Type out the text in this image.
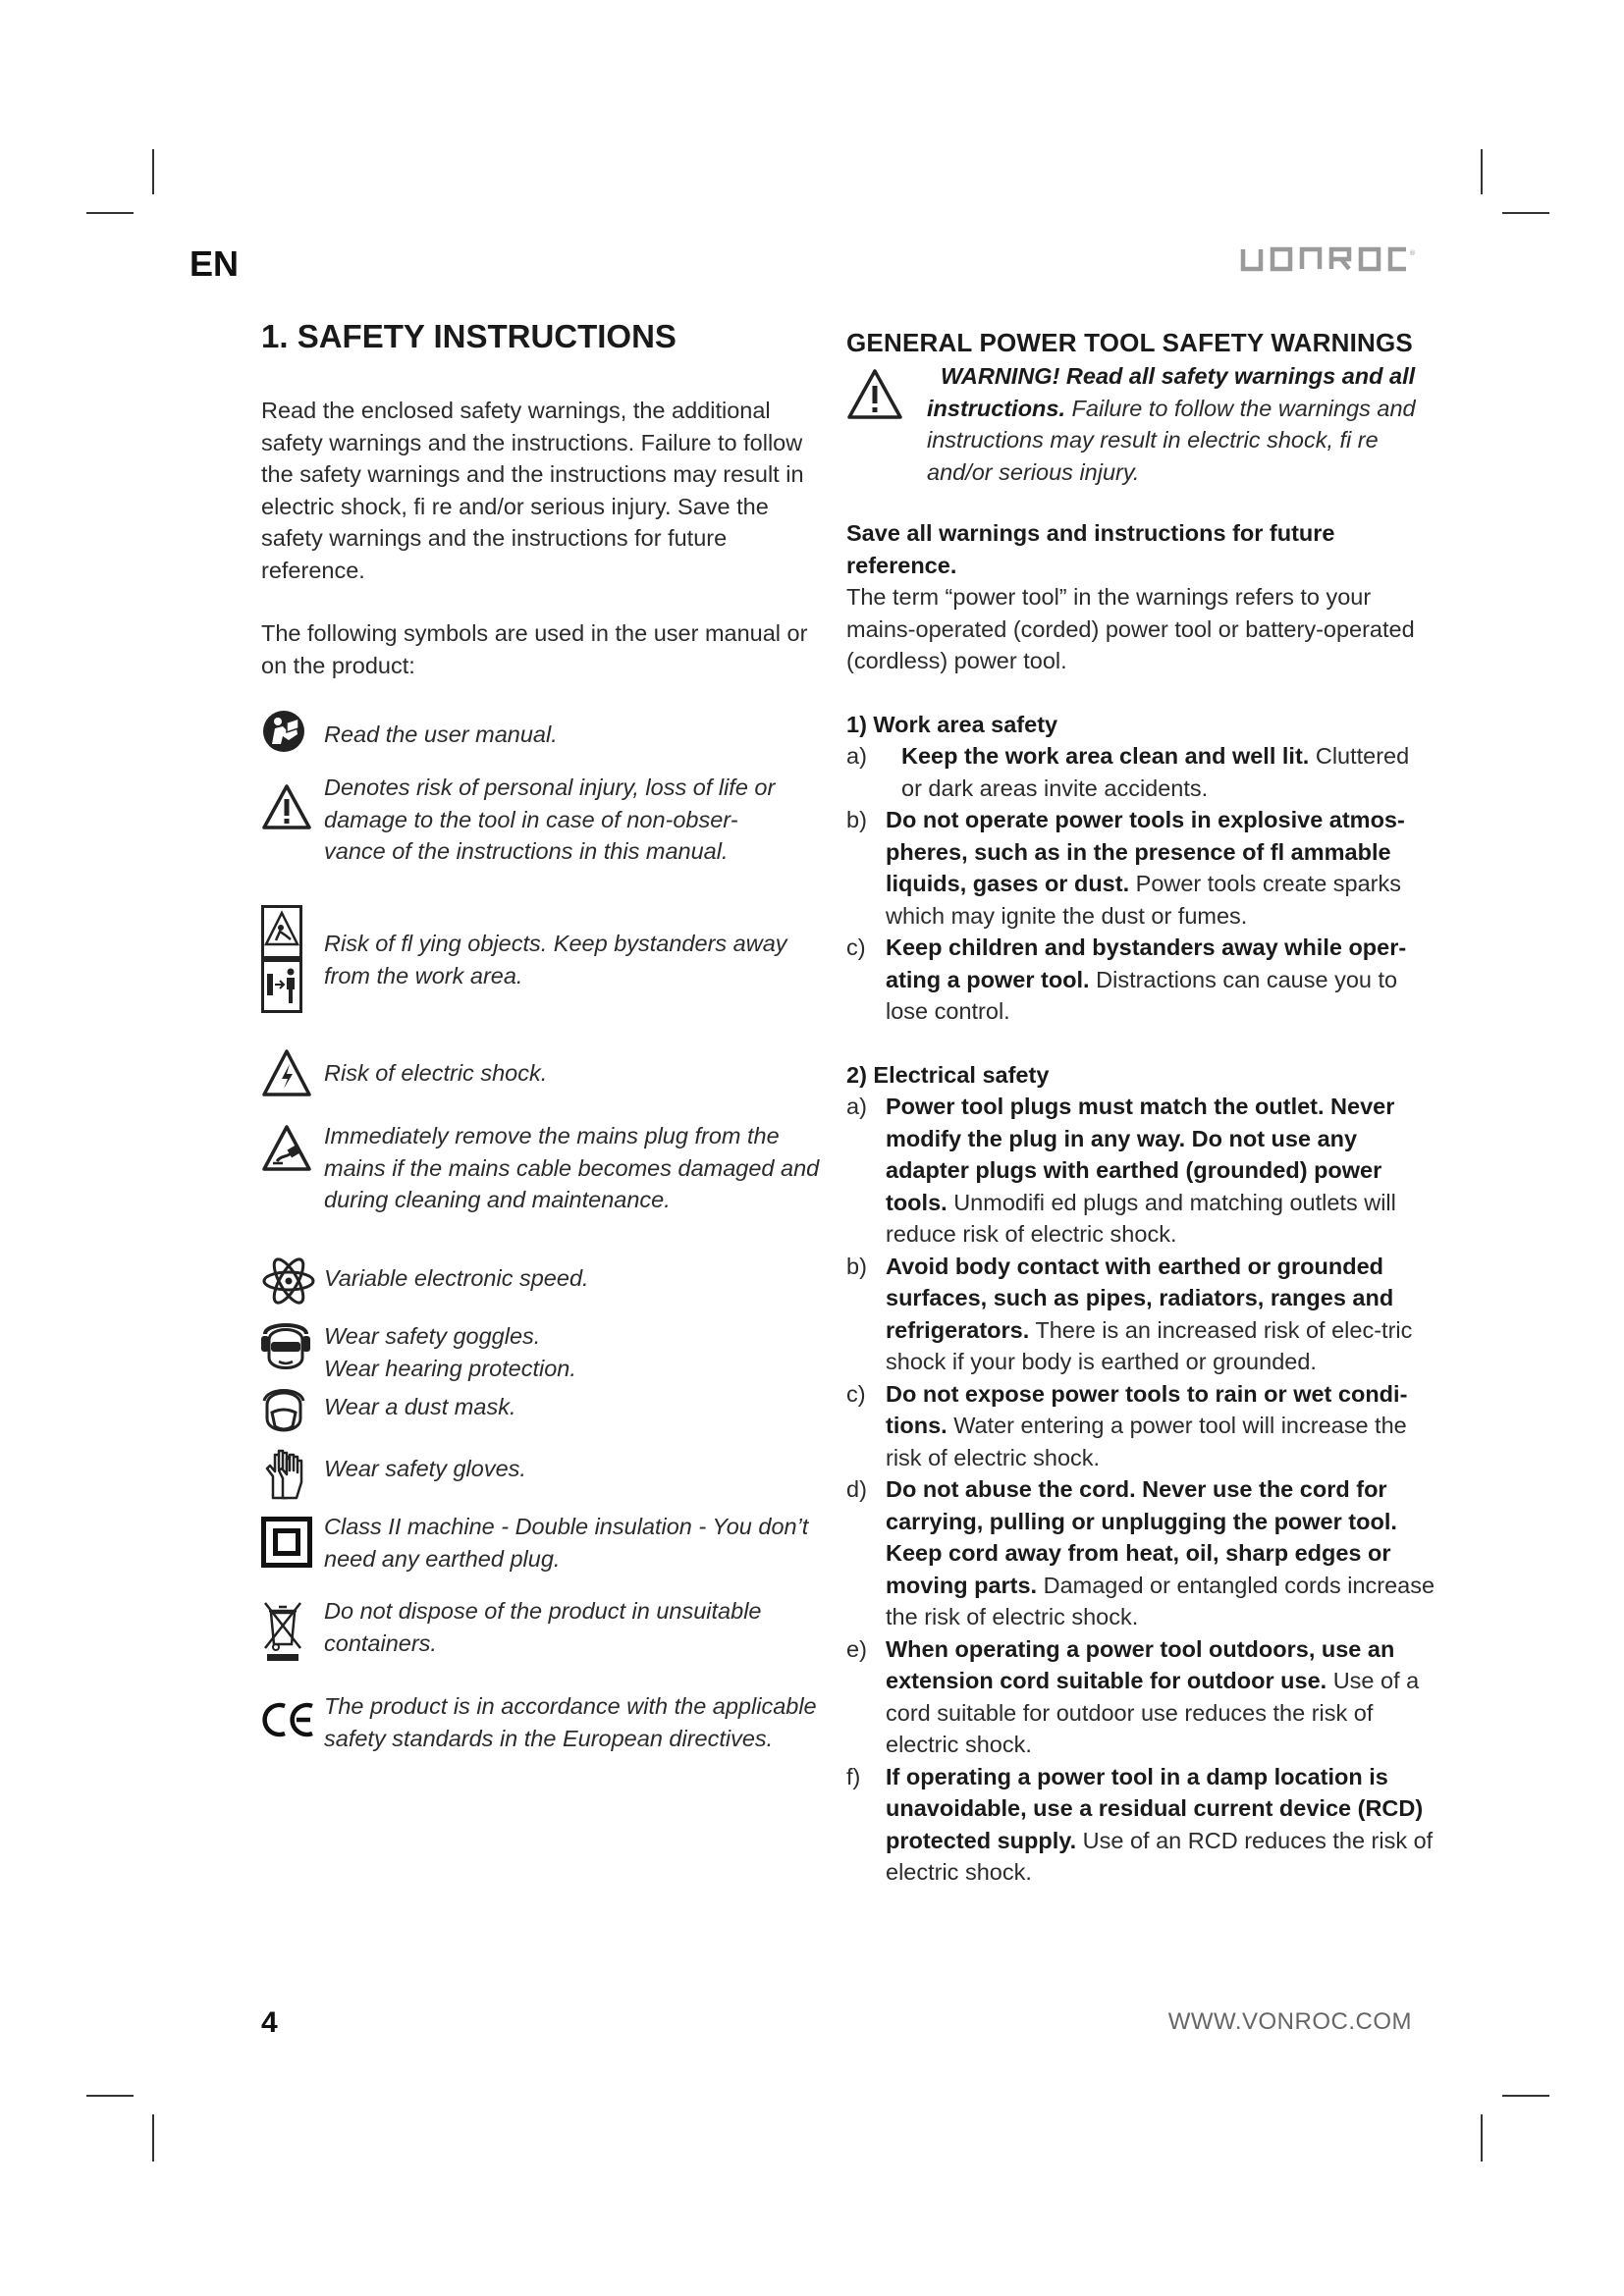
EN	®
1. SAFETY INSTRUCTIONS

Read the enclosed safety warnings, the additional safety warnings and the instructions. Failure to follow the safety warnings and the instructions may result in electric shock, fi re and/or serious injury. Save the safety warnings and the instructions for future reference.

The following symbols are used in the user manual or on the product:

Read the user manual.
Denotes risk of personal injury, loss of life or damage to the tool in case of non-obser-
vance of the instructions in this manual.
Risk of fl ying objects. Keep bystanders away from the work area.
Risk of electric shock.
Immediately remove the mains plug from the mains if the mains cable becomes damaged and during cleaning and maintenance.
Variable electronic speed.
Wear safety goggles.
Wear hearing protection.
Wear a dust mask.
Wear safety gloves.
Class II machine - Double insulation - You don’t need any earthed plug.
Do not dispose of the product in unsuitable containers.
The product is in accordance with the applicable safety standards in the European directives.
GENERAL POWER TOOL SAFETY WARNINGS
WARNING! Read all safety warnings and all instructions. Failure to follow the warnings and instructions may result in electric shock, fi re and/or serious injury.
Save all warnings and instructions for future reference.
The term “power tool” in the warnings refers to your mains-operated (corded) power tool or battery-operated (cordless) power tool.
1) Work area safety
a)	Keep the work area clean and well lit. Cluttered or dark areas invite accidents.
b) Do not operate power tools in explosive atmos-pheres, such as in the presence of fl ammable liquids, gases or dust. Power tools create sparks which may ignite the dust or fumes.
c) Keep children and bystanders away while oper-ating a power tool. Distractions can cause you to lose control.
2) Electrical safety
a) Power tool plugs must match the outlet. Never modify the plug in any way. Do not use any adapter plugs with earthed (grounded) power tools. Unmodifi ed plugs and matching outlets will reduce risk of electric shock.
b) Avoid body contact with earthed or grounded surfaces, such as pipes, radiators, ranges and refrigerators. There is an increased risk of elec-tric shock if your body is earthed or grounded.
c) Do not expose power tools to rain or wet condi-tions. Water entering a power tool will increase the risk of electric shock.
d) Do not abuse the cord. Never use the cord for carrying, pulling or unplugging the power tool. Keep cord away from heat, oil, sharp edges or moving parts. Damaged or entangled cords increase the risk of electric shock.
e) When operating a power tool outdoors, use an extension cord suitable for outdoor use. Use of a cord suitable for outdoor use reduces the risk of electric shock.
f)	If operating a power tool in a damp location is unavoidable, use a residual current device (RCD) protected supply. Use of an RCD reduces the risk of electric shock.
4	WWW.VONROC.COM
